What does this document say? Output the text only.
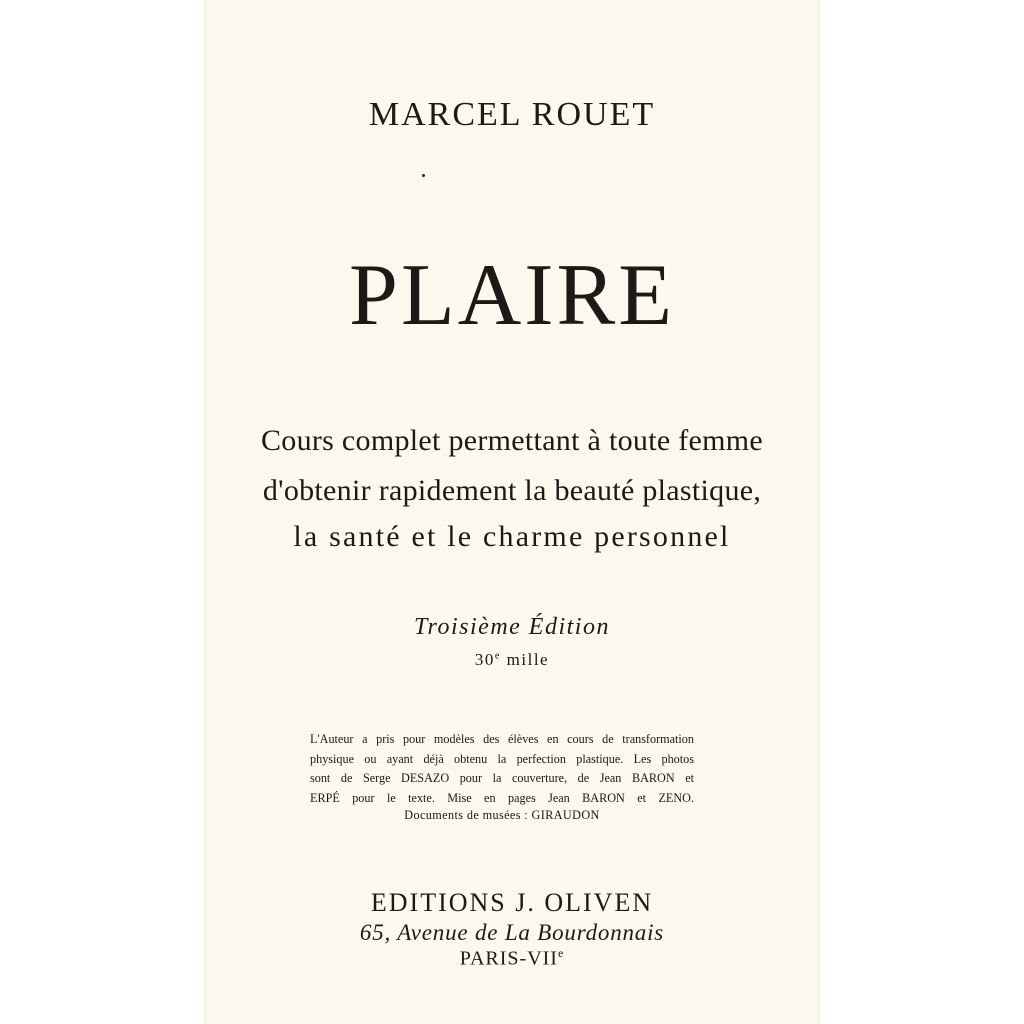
MARCEL ROUET
PLAIRE
Cours complet permettant à toute femme
d'obtenir rapidement la beauté plastique,
la santé et le charme personnel
Troisième Édition
30e mille
L'Auteur a pris pour modèles des élèves en cours de transformation
physique ou ayant déjà obtenu la perfection plastique. Les photos
sont de Serge DESAZO pour la couverture, de Jean BARON et
ERPÉ pour le texte. Mise en pages Jean BARON et ZENO.
Documents de musées : GIRAUDON
EDITIONS J. OLIVEN
65, Avenue de La Bourdonnais
PARIS-VIIe
